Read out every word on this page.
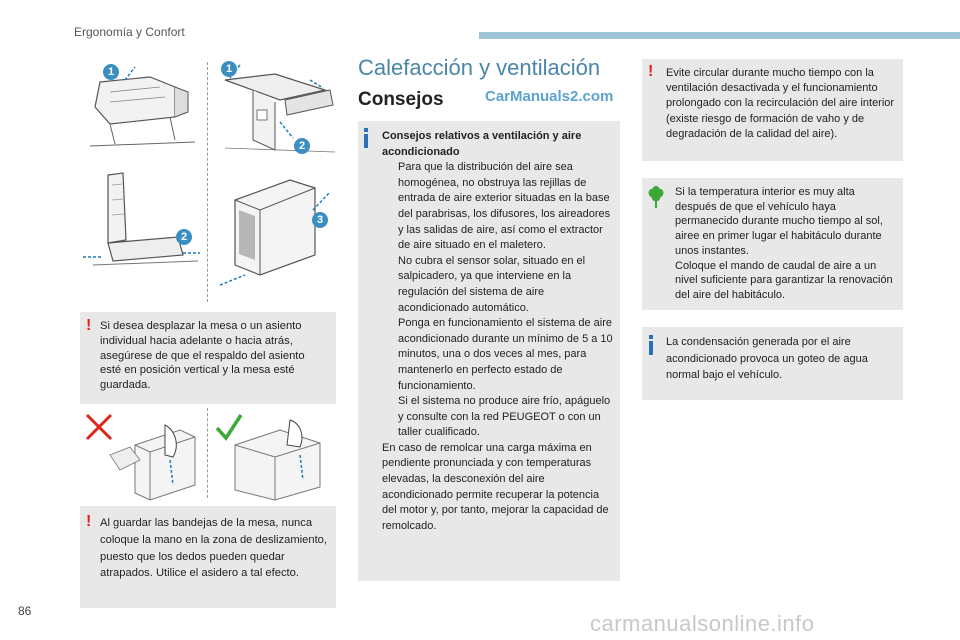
Ergonomía y Confort
1	1
2
2
3
! Si desea desplazar la mesa o un asiento individual hacia adelante o hacia atrás, asegúrese de que el respaldo del asiento esté en posición vertical y la mesa esté guardada.
! Al guardar las bandejas de la mesa, nunca coloque la mano en la zona de deslizamiento, puesto que los dedos pueden quedar atrapados. Utilice el asidero a tal efecto.
Calefacción y ventilación
Consejos	CarManuals2.com
Consejos relativos a ventilación y aire acondicionado
Para que la distribución del aire sea homogénea, no obstruya las rejillas de entrada de aire exterior situadas en la base del parabrisas, los difusores, los aireadores y las salidas de aire, así como el extractor de aire situado en el maletero.
No cubra el sensor solar, situado en el salpicadero, ya que interviene en la regulación del sistema de aire acondicionado automático.
Ponga en funcionamiento el sistema de aire acondicionado durante un mínimo de 5 a 10 minutos, una o dos veces al mes, para mantenerlo en perfecto estado de funcionamiento.
Si el sistema no produce aire frío, apáguelo y consulte con la red PEUGEOT o con un taller cualificado.
En caso de remolcar una carga máxima en pendiente pronunciada y con temperaturas elevadas, la desconexión del aire acondicionado permite recuperar la potencia del motor y, por tanto, mejorar la capacidad de remolcado.
! Evite circular durante mucho tiempo con la ventilación desactivada y el funcionamiento prolongado con la recirculación del aire interior (existe riesgo de formación de vaho y de degradación de la calidad del aire).
Si la temperatura interior es muy alta después de que el vehículo haya permanecido durante mucho tiempo al sol, airee en primer lugar el habitáculo durante unos instantes.
Coloque el mando de caudal de aire a un nivel suficiente para garantizar la renovación del aire del habitáculo.
La condensación generada por el aire acondicionado provoca un goteo de agua normal bajo el vehículo.
86	carmanualsonline.info
